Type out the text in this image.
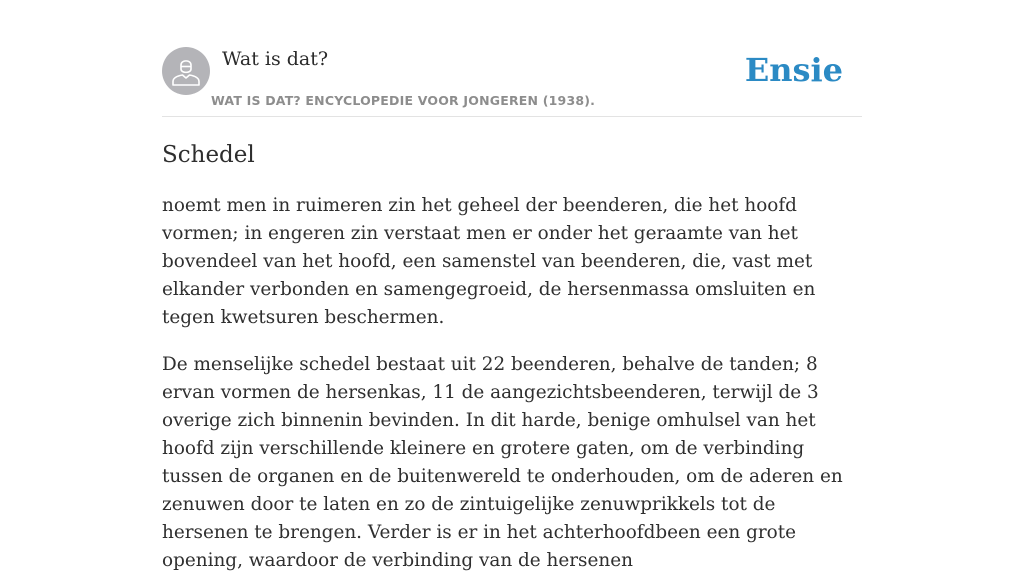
Wat is dat?
WAT IS DAT? ENCYCLOPEDIE VOOR JONGEREN (1938).
Ensie
Schedel

noemt men in ruimeren zin het geheel der beenderen, die het hoofd vormen; in engeren zin verstaat men er onder het geraamte van het bovendeel van het hoofd, een samenstel van beenderen, die, vast met elkander verbonden en samengegroeid, de hersenmassa omsluiten en tegen kwetsuren beschermen.

De menselijke schedel bestaat uit 22 beenderen, behalve de tanden; 8 ervan vormen de hersenkas, 11 de aangezichtsbeenderen, terwijl de 3 overige zich binnenin bevinden. In dit harde, benige omhulsel van het hoofd zijn verschillende kleinere en grotere gaten, om de verbinding tussen de organen en de buitenwereld te onderhouden, om de aderen en zenuwen door te laten en zo de zintuigelijke zenuwprikkels tot de hersenen te brengen. Verder is er in het achterhoofdbeen een grote opening, waardoor de verbinding van de hersenen
